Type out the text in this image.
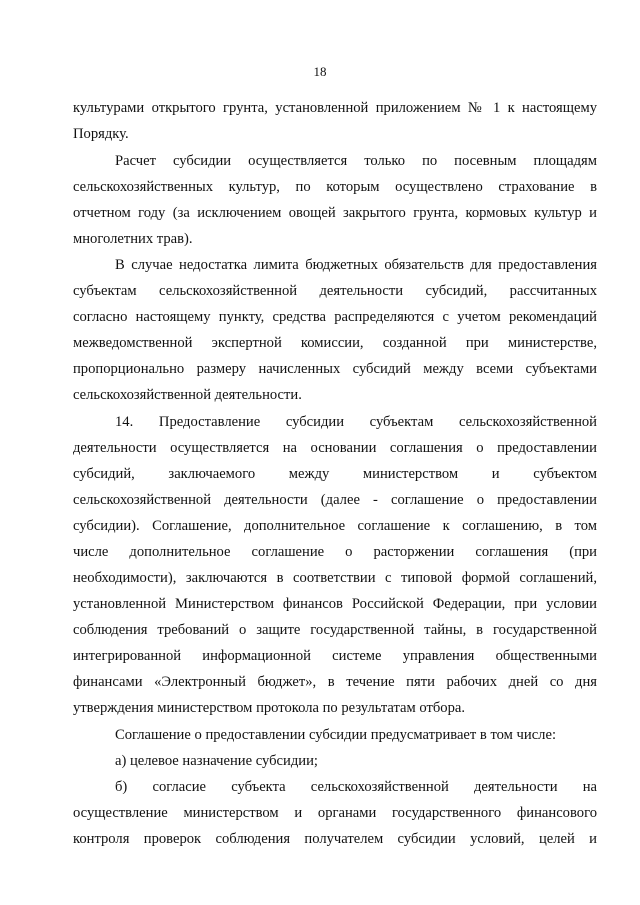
18
культурами открытого грунта, установленной приложением № 1 к настоящему
Порядку.
Расчет субсидии осуществляется только по посевным площадям
сельскохозяйственных культур, по которым осуществлено страхование в
отчетном году (за исключением овощей закрытого грунта, кормовых культур и
многолетних трав).
В случае недостатка лимита бюджетных обязательств для предоставления
субъектам сельскохозяйственной деятельности субсидий, рассчитанных
согласно настоящему пункту, средства распределяются с учетом рекомендаций
межведомственной экспертной комиссии, созданной при министерстве,
пропорционально размеру начисленных субсидий между всеми субъектами
сельскохозяйственной деятельности.
14. Предоставление субсидии субъектам сельскохозяйственной
деятельности осуществляется на основании соглашения о предоставлении
субсидий, заключаемого между министерством и субъектом
сельскохозяйственной деятельности (далее - соглашение о предоставлении
субсидии). Соглашение, дополнительное соглашение к соглашению, в том
числе дополнительное соглашение о расторжении соглашения (при
необходимости), заключаются в соответствии с типовой формой соглашений,
установленной Министерством финансов Российской Федерации, при условии
соблюдения требований о защите государственной тайны, в государственной
интегрированной информационной системе управления общественными
финансами «Электронный бюджет», в течение пяти рабочих дней со дня
утверждения министерством протокола по результатам отбора.
Соглашение о предоставлении субсидии предусматривает в том числе:
а) целевое назначение субсидии;
б) согласие субъекта сельскохозяйственной деятельности на
осуществление министерством и органами государственного финансового
контроля проверок соблюдения получателем субсидии условий, целей и
